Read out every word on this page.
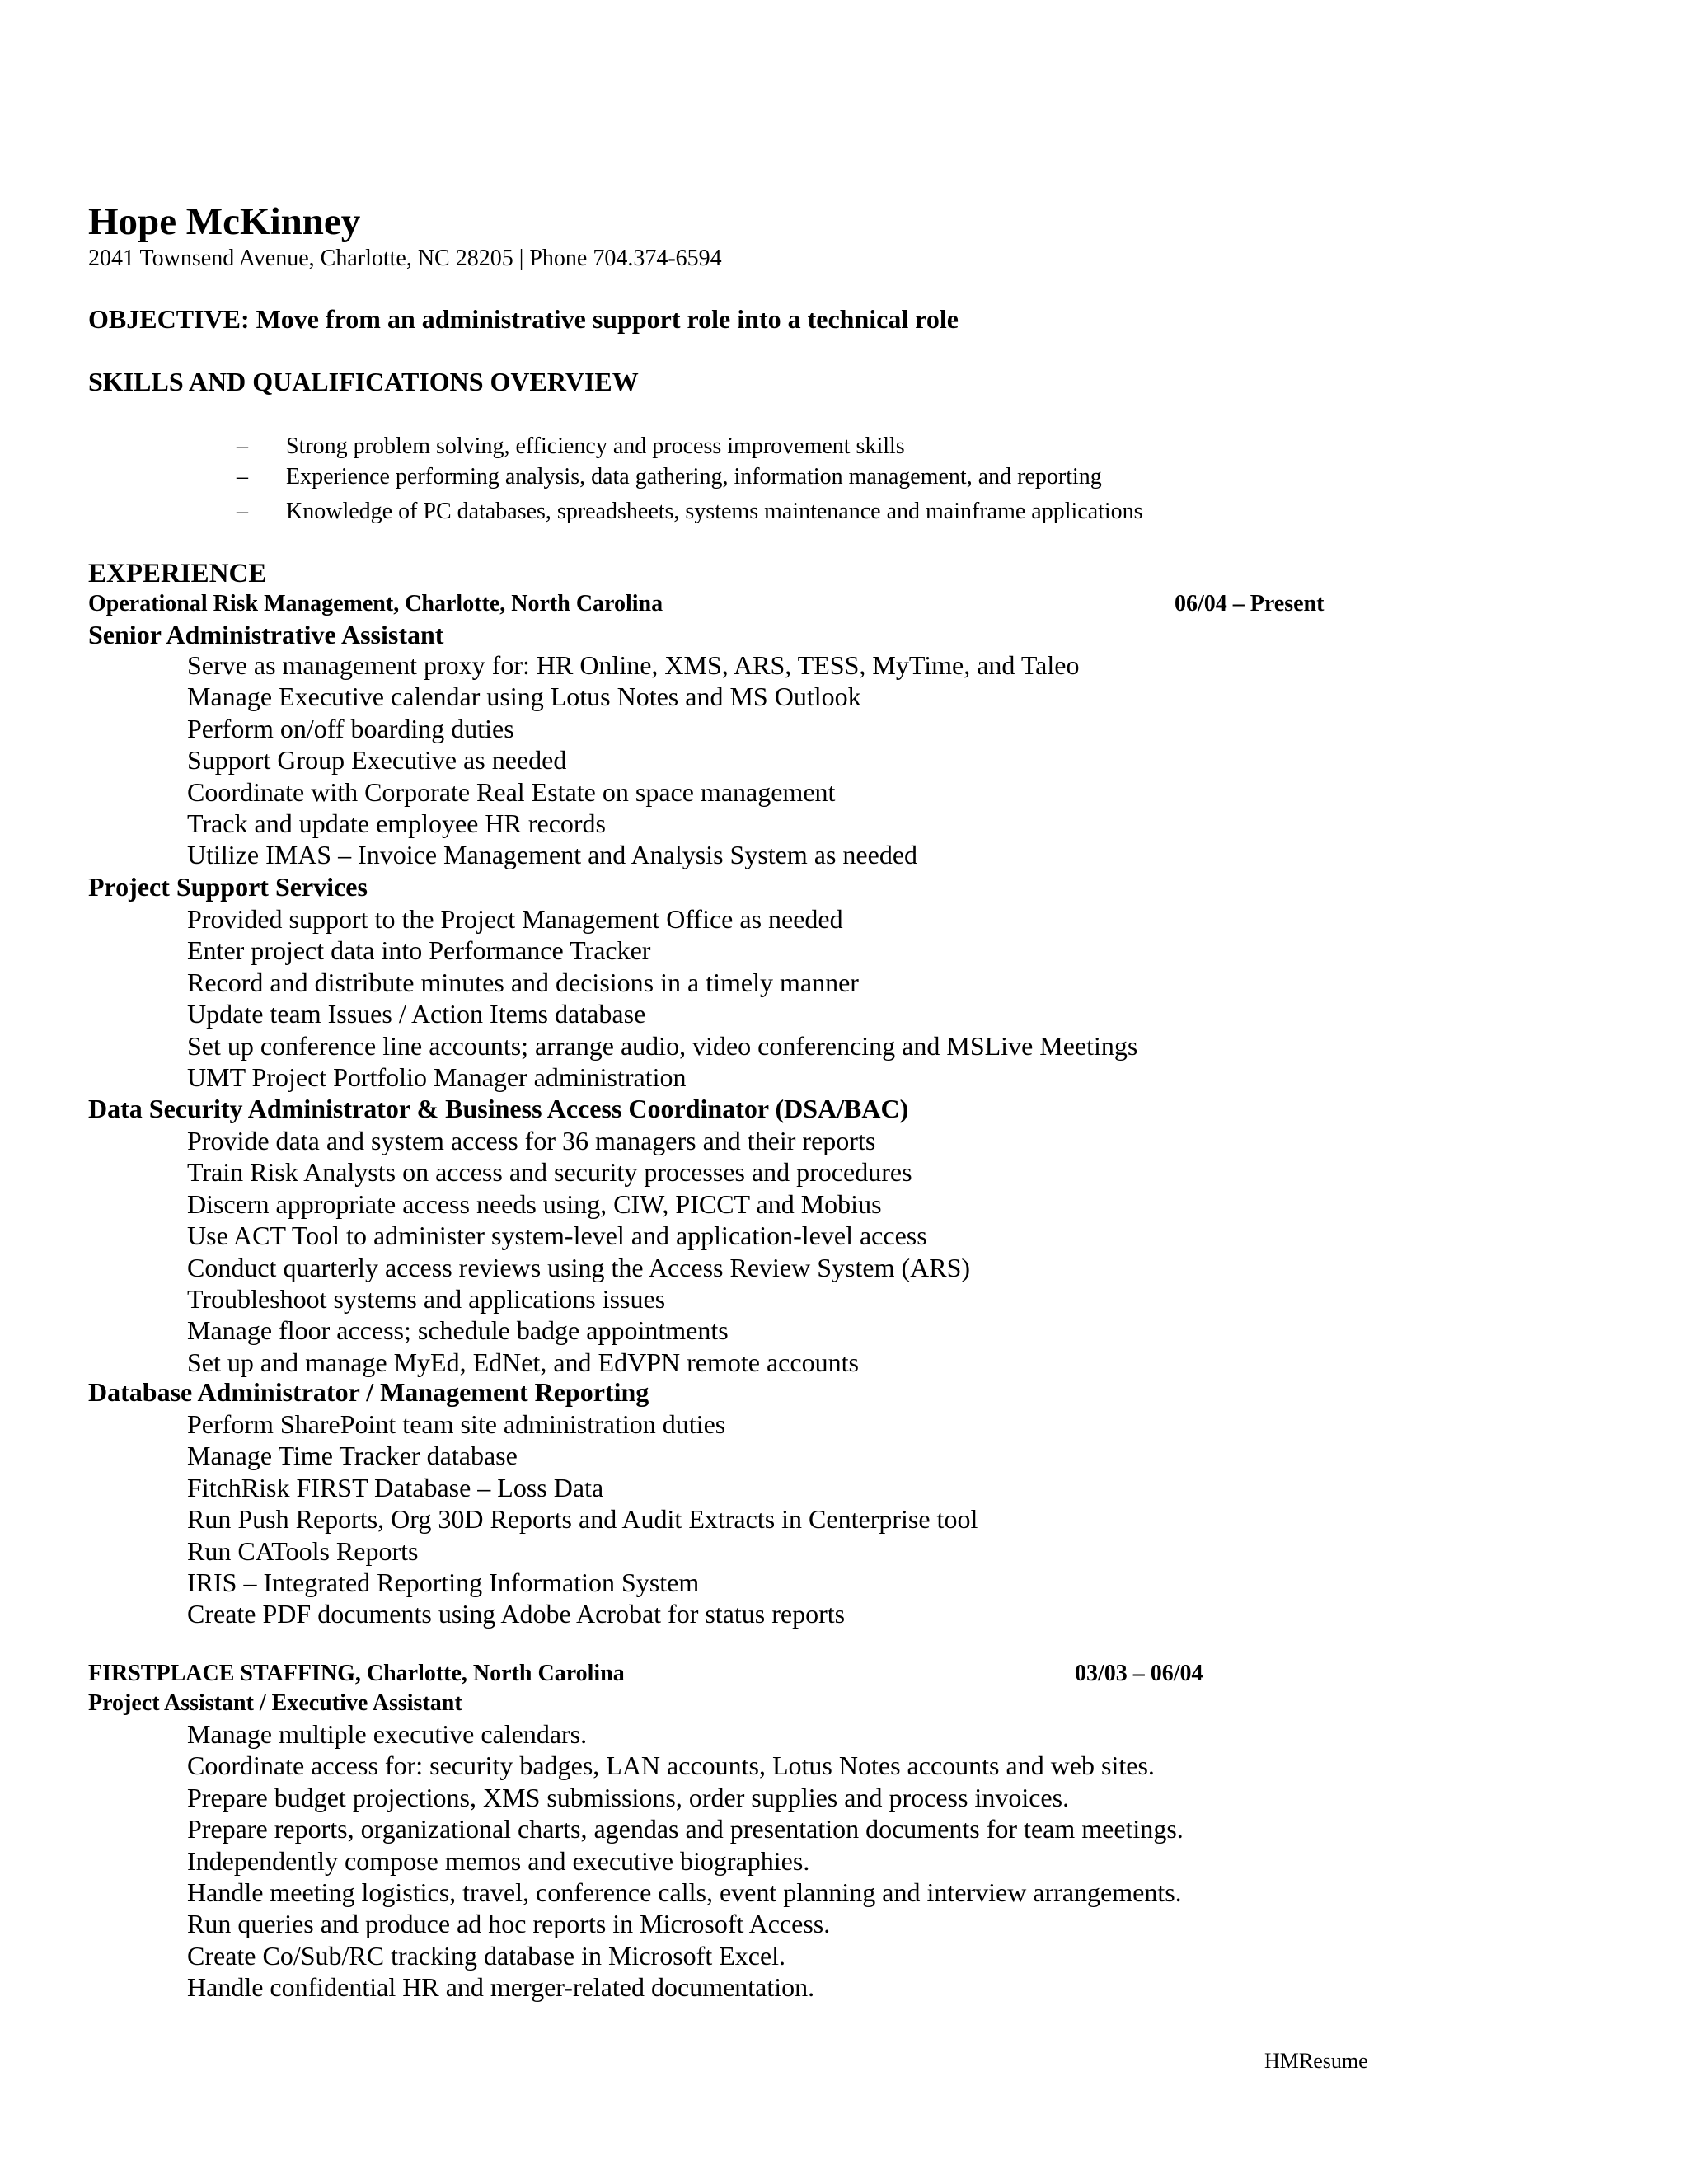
Hope McKinney
2041 Townsend Avenue, Charlotte, NC 28205 | Phone 704.374-6594
OBJECTIVE: Move from an administrative support role into a technical role
SKILLS AND QUALIFICATIONS OVERVIEW
– Strong problem solving, efficiency and process improvement skills
– Experience performing analysis, data gathering, information management, and reporting
– Knowledge of PC databases, spreadsheets, systems maintenance and mainframe applications
EXPERIENCE
Operational Risk Management, Charlotte, North Carolina	06/04 – Present
Senior Administrative Assistant
Serve as management proxy for: HR Online, XMS, ARS, TESS, MyTime, and Taleo
Manage Executive calendar using Lotus Notes and MS Outlook
Perform on/off boarding duties
Support Group Executive as needed
Coordinate with Corporate Real Estate on space management
Track and update employee HR records
Utilize IMAS – Invoice Management and Analysis System as needed
Project Support Services
Provided support to the Project Management Office as needed
Enter project data into Performance Tracker
Record and distribute minutes and decisions in a timely manner
Update team Issues / Action Items database
Set up conference line accounts; arrange audio, video conferencing and MSLive Meetings
UMT Project Portfolio Manager administration
Data Security Administrator & Business Access Coordinator (DSA/BAC)
Provide data and system access for 36 managers and their reports
Train Risk Analysts on access and security processes and procedures
Discern appropriate access needs using, CIW, PICCT and Mobius
Use ACT Tool to administer system-level and application-level access
Conduct quarterly access reviews using the Access Review System (ARS)
Troubleshoot systems and applications issues
Manage floor access; schedule badge appointments
Set up and manage MyEd, EdNet, and EdVPN remote accounts
Database Administrator / Management Reporting
Perform SharePoint team site administration duties
Manage Time Tracker database
FitchRisk FIRST Database – Loss Data
Run Push Reports, Org 30D Reports and Audit Extracts in Centerprise tool
Run CATools Reports
IRIS – Integrated Reporting Information System
Create PDF documents using Adobe Acrobat for status reports
FIRSTPLACE STAFFING, Charlotte, North Carolina	03/03 – 06/04
Project Assistant / Executive Assistant
Manage multiple executive calendars.
Coordinate access for: security badges, LAN accounts, Lotus Notes accounts and web sites.
Prepare budget projections, XMS submissions, order supplies and process invoices.
Prepare reports, organizational charts, agendas and presentation documents for team meetings.
Independently compose memos and executive biographies.
Handle meeting logistics, travel, conference calls, event planning and interview arrangements.
Run queries and produce ad hoc reports in Microsoft Access.
Create Co/Sub/RC tracking database in Microsoft Excel.
Handle confidential HR and merger-related documentation.
HMResume
